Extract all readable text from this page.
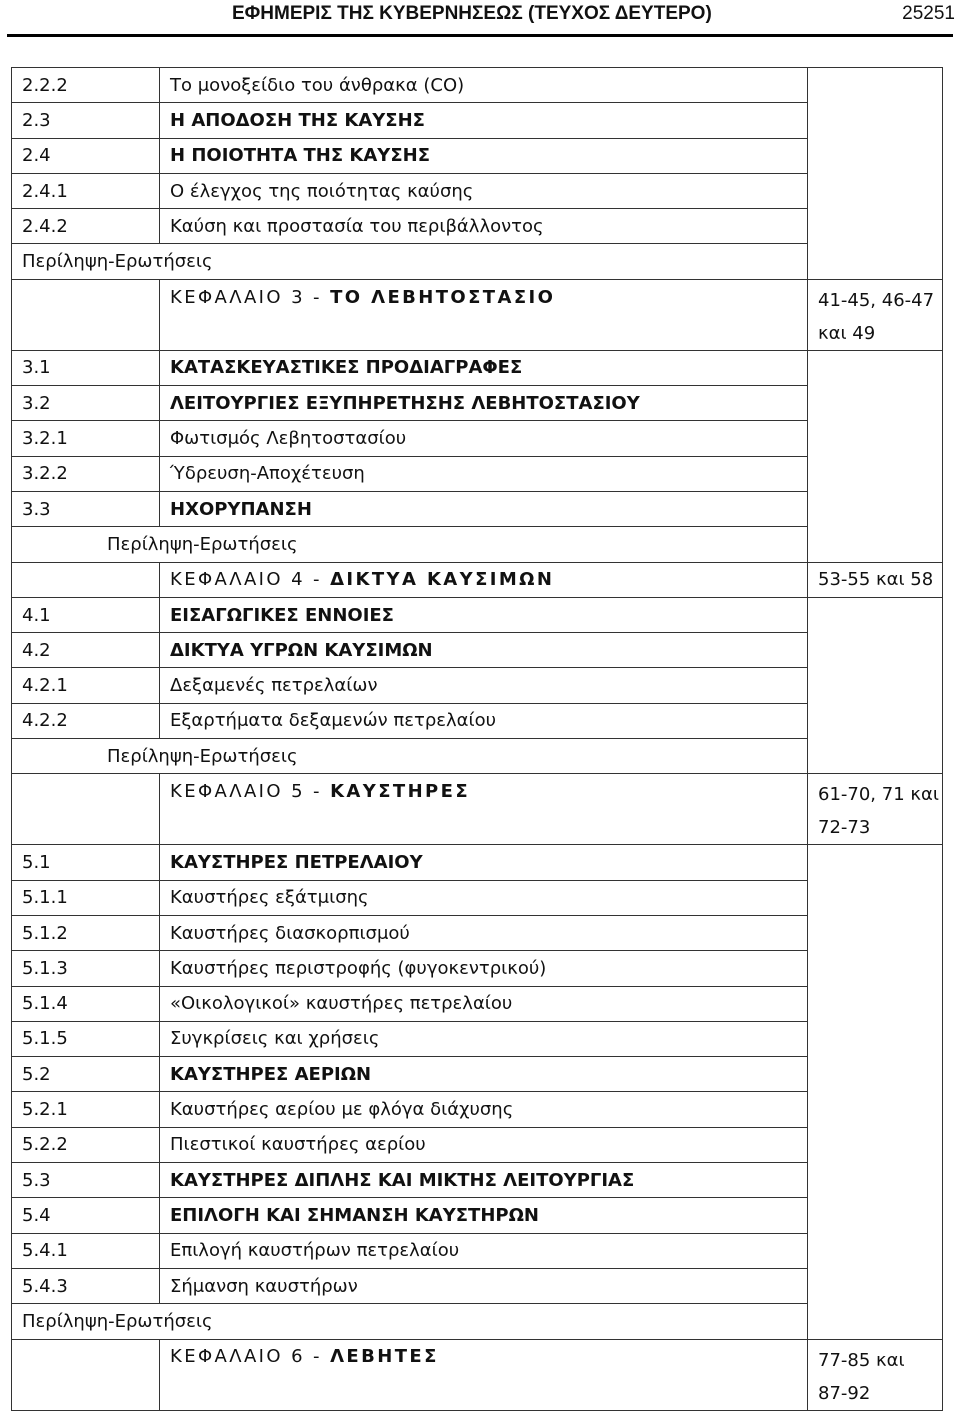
ΕΦΗΜΕΡΙΣ ΤΗΣ ΚΥΒΕΡΝΗΣΕΩΣ (ΤΕΥΧΟΣ ΔΕΥΤΕΡΟ)	25251
2.2.2	Το μονοξείδιο του άνθρακα (CO)	
2.3	Η ΑΠΟΔΟΣΗ ΤΗΣ ΚΑΥΣΗΣ	
2.4	Η ΠΟΙΟΤΗΤΑ ΤΗΣ ΚΑΥΣΗΣ	
2.4.1	Ο έλεγχος της ποιότητας καύσης	
2.4.2	Καύση και προστασία του περιβάλλοντος	
Περίληψη-Ερωτήσεις		
	ΚΕΦΑΛΑΙΟ 3 - ΤΟ ΛΕΒΗΤΟΣΤΑΣΙΟ	41-45, 46-47
και 49

3.1	ΚΑΤΑΣΚΕΥΑΣΤΙΚΕΣ ΠΡΟΔΙΑΓΡΑΦΕΣ	
3.2	ΛΕΙΤΟΥΡΓΙΕΣ ΕΞΥΠΗΡΕΤΗΣΗΣ ΛΕΒΗΤΟΣΤΑΣΙΟΥ	
3.2.1	Φωτισμός Λεβητοστασίου	
3.2.2	Ύδρευση-Αποχέτευση	
3.3	ΗΧΟΡΥΠΑΝΣΗ	
Περίληψη-Ερωτήσεις		
	ΚΕΦΑΛΑΙΟ 4 - ΔΙΚΤΥΑ ΚΑΥΣΙΜΩΝ	53-55 και 58

4.1	ΕΙΣΑΓΩΓΙΚΕΣ ΕΝΝΟΙΕΣ	
4.2	ΔΙΚΤΥΑ ΥΓΡΩΝ ΚΑΥΣΙΜΩΝ	
4.2.1	Δεξαμενές πετρελαίων	
4.2.2	Εξαρτήματα δεξαμενών πετρελαίου	
Περίληψη-Ερωτήσεις		
	ΚΕΦΑΛΑΙΟ 5 - ΚΑΥΣΤΗΡΕΣ	61-70, 71 και
72-73

5.1	ΚΑΥΣΤΗΡΕΣ ΠΕΤΡΕΛΑΙΟΥ	
5.1.1	Καυστήρες εξάτμισης	
5.1.2	Καυστήρες διασκορπισμού	
5.1.3	Καυστήρες περιστροφής (φυγοκεντρικού)	
5.1.4	«Οικολογικοί» καυστήρες πετρελαίου	
5.1.5	Συγκρίσεις και χρήσεις	
5.2	ΚΑΥΣΤΗΡΕΣ ΑΕΡΙΩΝ	
5.2.1	Καυστήρες αερίου με φλόγα διάχυσης	
5.2.2	Πιεστικοί καυστήρες αερίου	
5.3	ΚΑΥΣΤΗΡΕΣ ΔΙΠΛΗΣ ΚΑΙ ΜΙΚΤΗΣ ΛΕΙΤΟΥΡΓΙΑΣ	
5.4	ΕΠΙΛΟΓΗ ΚΑΙ ΣΗΜΑΝΣΗ ΚΑΥΣΤΗΡΩΝ	
5.4.1	Επιλογή καυστήρων πετρελαίου	
5.4.3	Σήμανση καυστήρων	
Περίληψη-Ερωτήσεις		
	ΚΕΦΑΛΑΙΟ 6 - ΛΕΒΗΤΕΣ	77-85 και
87-92
